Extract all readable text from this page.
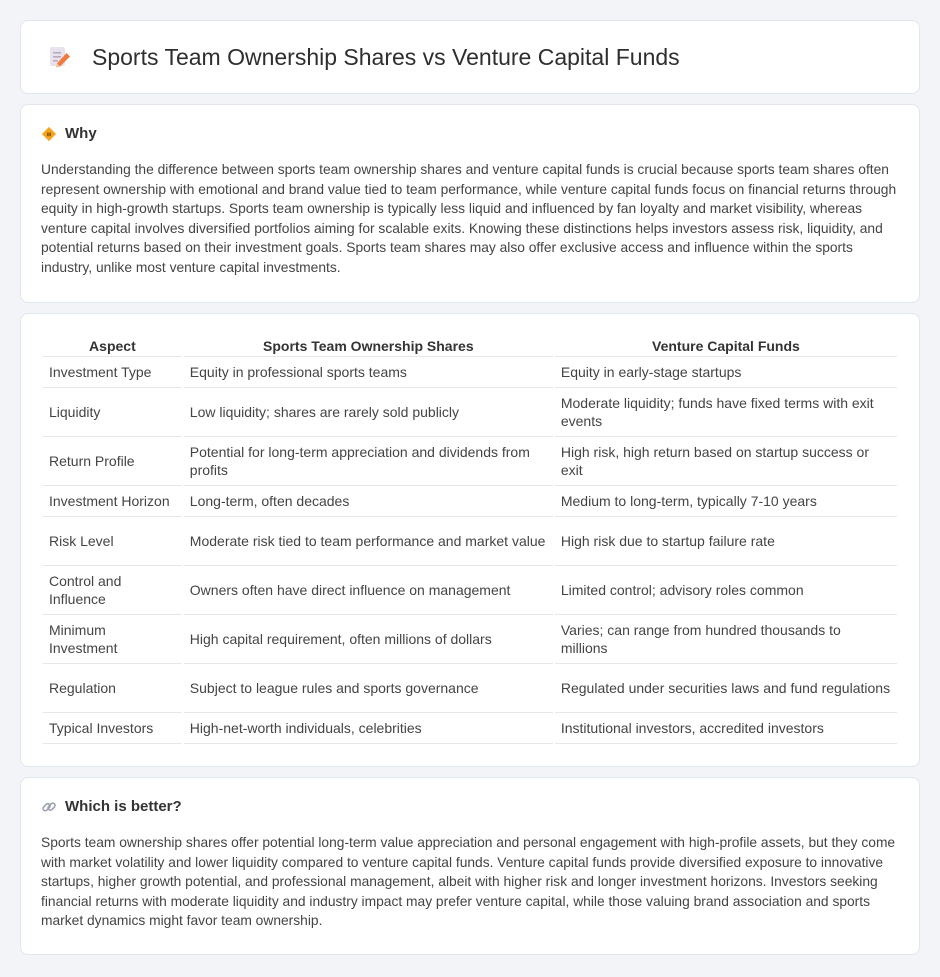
Sports Team Ownership Shares vs Venture Capital Funds
Why

Understanding the difference between sports team ownership shares and venture capital funds is crucial because sports team shares often represent ownership with emotional and brand value tied to team performance, while venture capital funds focus on financial returns through equity in high-growth startups. Sports team ownership is typically less liquid and influenced by fan loyalty and market visibility, whereas venture capital involves diversified portfolios aiming for scalable exits. Knowing these distinctions helps investors assess risk, liquidity, and potential returns based on their investment goals. Sports team shares may also offer exclusive access and influence within the sports industry, unlike most venture capital investments.

Aspect	Sports Team Ownership Shares	Venture Capital Funds
Investment Type	Equity in professional sports teams	Equity in early-stage startups
Liquidity	Low liquidity; shares are rarely sold publicly	Moderate liquidity; funds have fixed terms with exit events
Return Profile	Potential for long-term appreciation and dividends from profits	High risk, high return based on startup success or exit
Investment Horizon	Long-term, often decades	Medium to long-term, typically 7-10 years
Risk Level	Moderate risk tied to team performance and market value	High risk due to startup failure rate
Control and Influence	Owners often have direct influence on management	Limited control; advisory roles common
Minimum Investment	High capital requirement, often millions of dollars	Varies; can range from hundred thousands to millions
Regulation	Subject to league rules and sports governance	Regulated under securities laws and fund regulations
Typical Investors	High-net-worth individuals, celebrities	Institutional investors, accredited investors
Which is better?

Sports team ownership shares offer potential long-term value appreciation and personal engagement with high-profile assets, but they come with market volatility and lower liquidity compared to venture capital funds. Venture capital funds provide diversified exposure to innovative startups, higher growth potential, and professional management, albeit with higher risk and longer investment horizons. Investors seeking financial returns with moderate liquidity and industry impact may prefer venture capital, while those valuing brand association and sports market dynamics might favor team ownership.
